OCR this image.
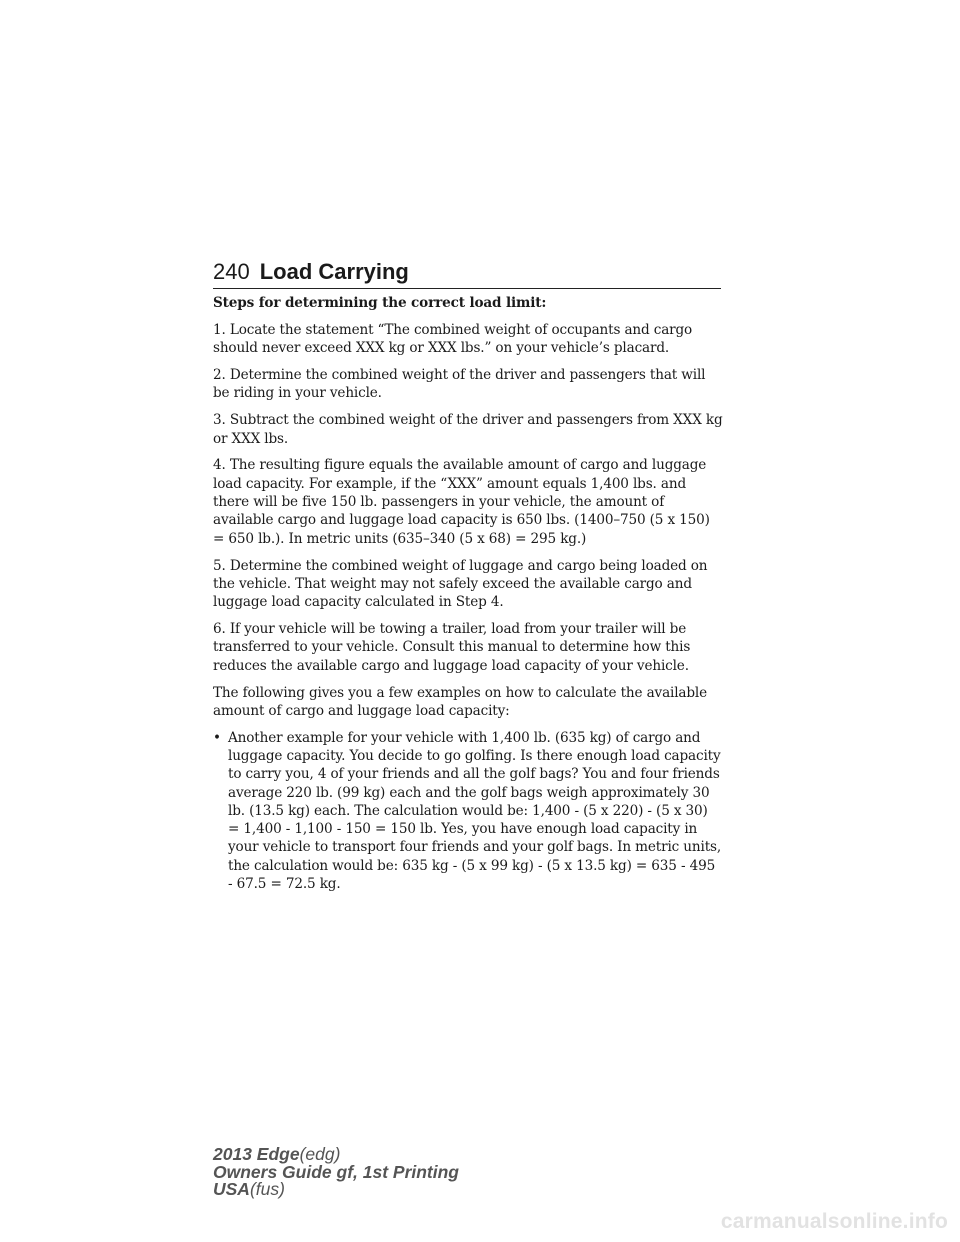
240 Load Carrying

Steps for determining the correct load limit:

1. Locate the statement “The combined weight of occupants and cargo should never exceed XXX kg or XXX lbs.” on your vehicle’s placard.

2. Determine the combined weight of the driver and passengers that will be riding in your vehicle.

3. Subtract the combined weight of the driver and passengers from XXX kg or XXX lbs.

4. The resulting figure equals the available amount of cargo and luggage load capacity. For example, if the “XXX” amount equals 1,400 lbs. and there will be five 150 lb. passengers in your vehicle, the amount of available cargo and luggage load capacity is 650 lbs. (1400–750 (5 x 150) = 650 lb.). In metric units (635–340 (5 x 68) = 295 kg.)

5. Determine the combined weight of luggage and cargo being loaded on the vehicle. That weight may not safely exceed the available cargo and luggage load capacity calculated in Step 4.

6. If your vehicle will be towing a trailer, load from your trailer will be transferred to your vehicle. Consult this manual to determine how this reduces the available cargo and luggage load capacity of your vehicle.

The following gives you a few examples on how to calculate the available amount of cargo and luggage load capacity:

• Another example for your vehicle with 1,400 lb. (635 kg) of cargo and luggage capacity. You decide to go golfing. Is there enough load capacity to carry you, 4 of your friends and all the golf bags? You and four friends average 220 lb. (99 kg) each and the golf bags weigh approximately 30 lb. (13.5 kg) each. The calculation would be: 1,400 - (5 x 220) - (5 x 30) = 1,400 - 1,100 - 150 = 150 lb. Yes, you have enough load capacity in your vehicle to transport four friends and your golf bags. In metric units, the calculation would be: 635 kg - (5 x 99 kg) - (5 x 13.5 kg) = 635 - 495 - 67.5 = 72.5 kg.
2013 Edge(edg)
Owners Guide gf, 1st Printing
USA(fus)
carmanualsonline.info
